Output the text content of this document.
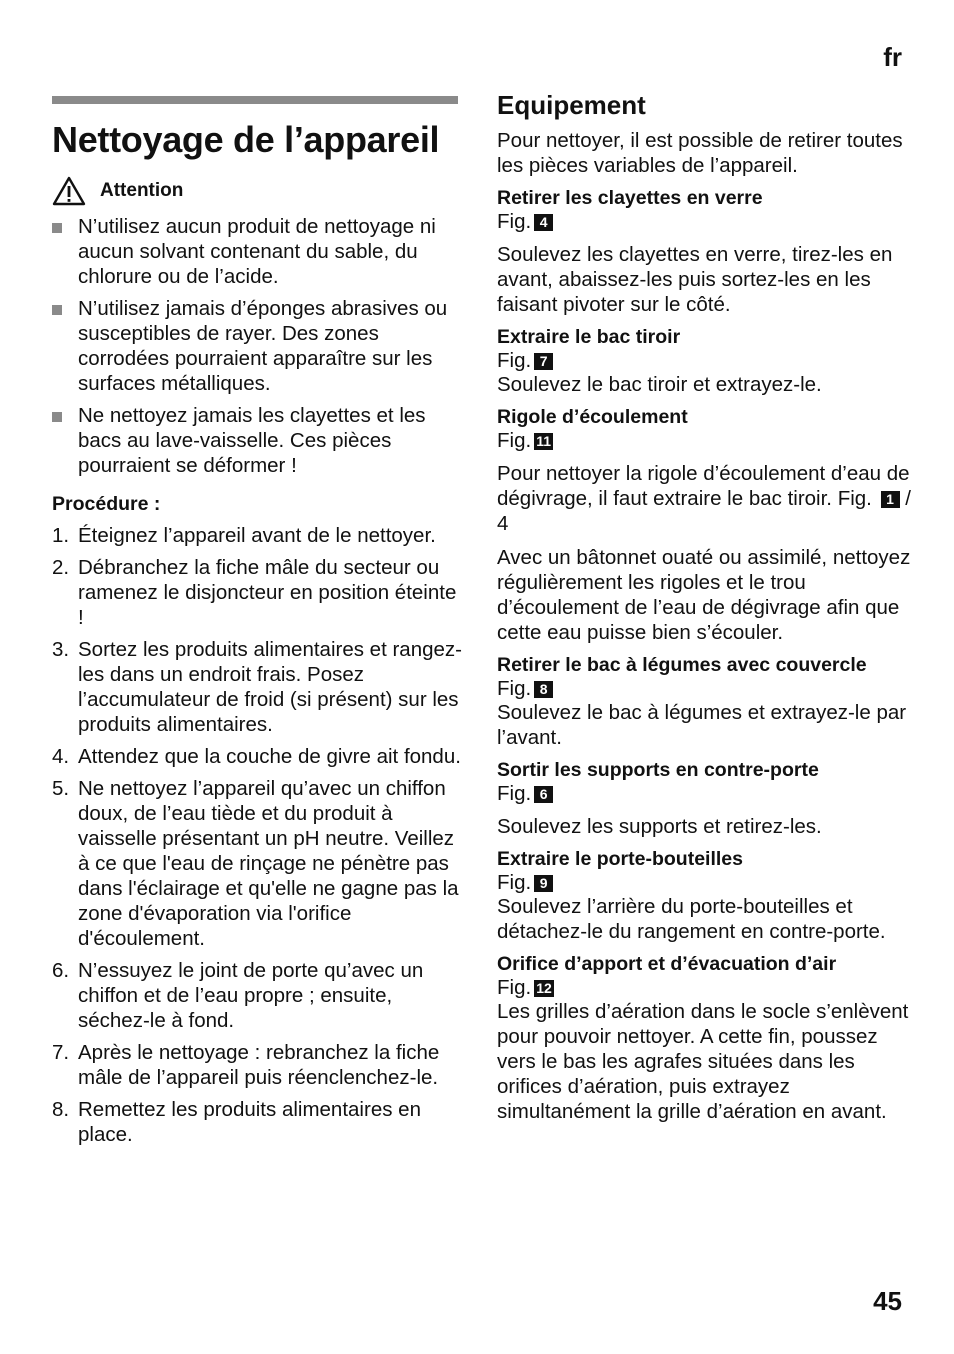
fr
Nettoyage de l’appareil
Attention
N’utilisez aucun produit de nettoyage ni aucun solvant contenant du sable, du chlorure ou de l’acide.
N’utilisez jamais d’éponges abrasives ou susceptibles de rayer. Des zones corrodées pourraient apparaître sur les surfaces métalliques.
Ne nettoyez jamais les clayettes et les bacs au lave-vaisselle. Ces pièces pourraient se déformer !
Procédure :
1. Éteignez l’appareil avant de le nettoyer.
2. Débranchez la fiche mâle du secteur ou ramenez le disjoncteur en position éteinte !
3. Sortez les produits alimentaires et rangez-les dans un endroit frais. Posez l’accumulateur de froid (si présent) sur les produits alimentaires.
4. Attendez que la couche de givre ait fondu.
5. Ne nettoyez l’appareil qu’avec un chiffon doux, de l’eau tiède et du produit à vaisselle présentant un pH neutre. Veillez à ce que l'eau de rinçage ne pénètre pas dans l'éclairage et qu'elle ne gagne pas la zone d'évaporation via l'orifice d'écoulement.
6. N’essuyez le joint de porte qu’avec un chiffon et de l’eau propre ; ensuite, séchez-le à fond.
7. Après le nettoyage : rebranchez la fiche mâle de l’appareil puis réenclenchez-le.
8. Remettez les produits alimentaires en place.
Equipement

Pour nettoyer, il est possible de retirer toutes les pièces variables de l’appareil.

Retirer les clayettes en verre
Fig. 4

Soulevez les clayettes en verre, tirez-les en avant, abaissez-les puis sortez-les en les faisant pivoter sur le côté.

Extraire le bac tiroir
Fig. 7

Soulevez le bac tiroir et extrayez-le.

Rigole d’écoulement
Fig. 11

Pour nettoyer la rigole d’écoulement d’eau de dégivrage, il faut extraire le bac tiroir. Fig. 1 / 4

Avec un bâtonnet ouaté ou assimilé, nettoyez régulièrement les rigoles et le trou d’écoulement de l’eau de dégivrage afin que cette eau puisse bien s’écouler.

Retirer le bac à légumes avec couvercle
Fig. 8

Soulevez le bac à légumes et extrayez-le par l’avant.

Sortir les supports en contre-porte
Fig. 6

Soulevez les supports et retirez-les.

Extraire le porte-bouteilles
Fig. 9

Soulevez l’arrière du porte-bouteilles et détachez-le du rangement en contre-porte.

Orifice d’apport et d’évacuation d’air
Fig. 12

Les grilles d’aération dans le socle s’enlèvent pour pouvoir nettoyer. A cette fin, poussez vers le bas les agrafes situées dans les orifices d’aération, puis extrayez simultanément la grille d’aération en avant.

45
